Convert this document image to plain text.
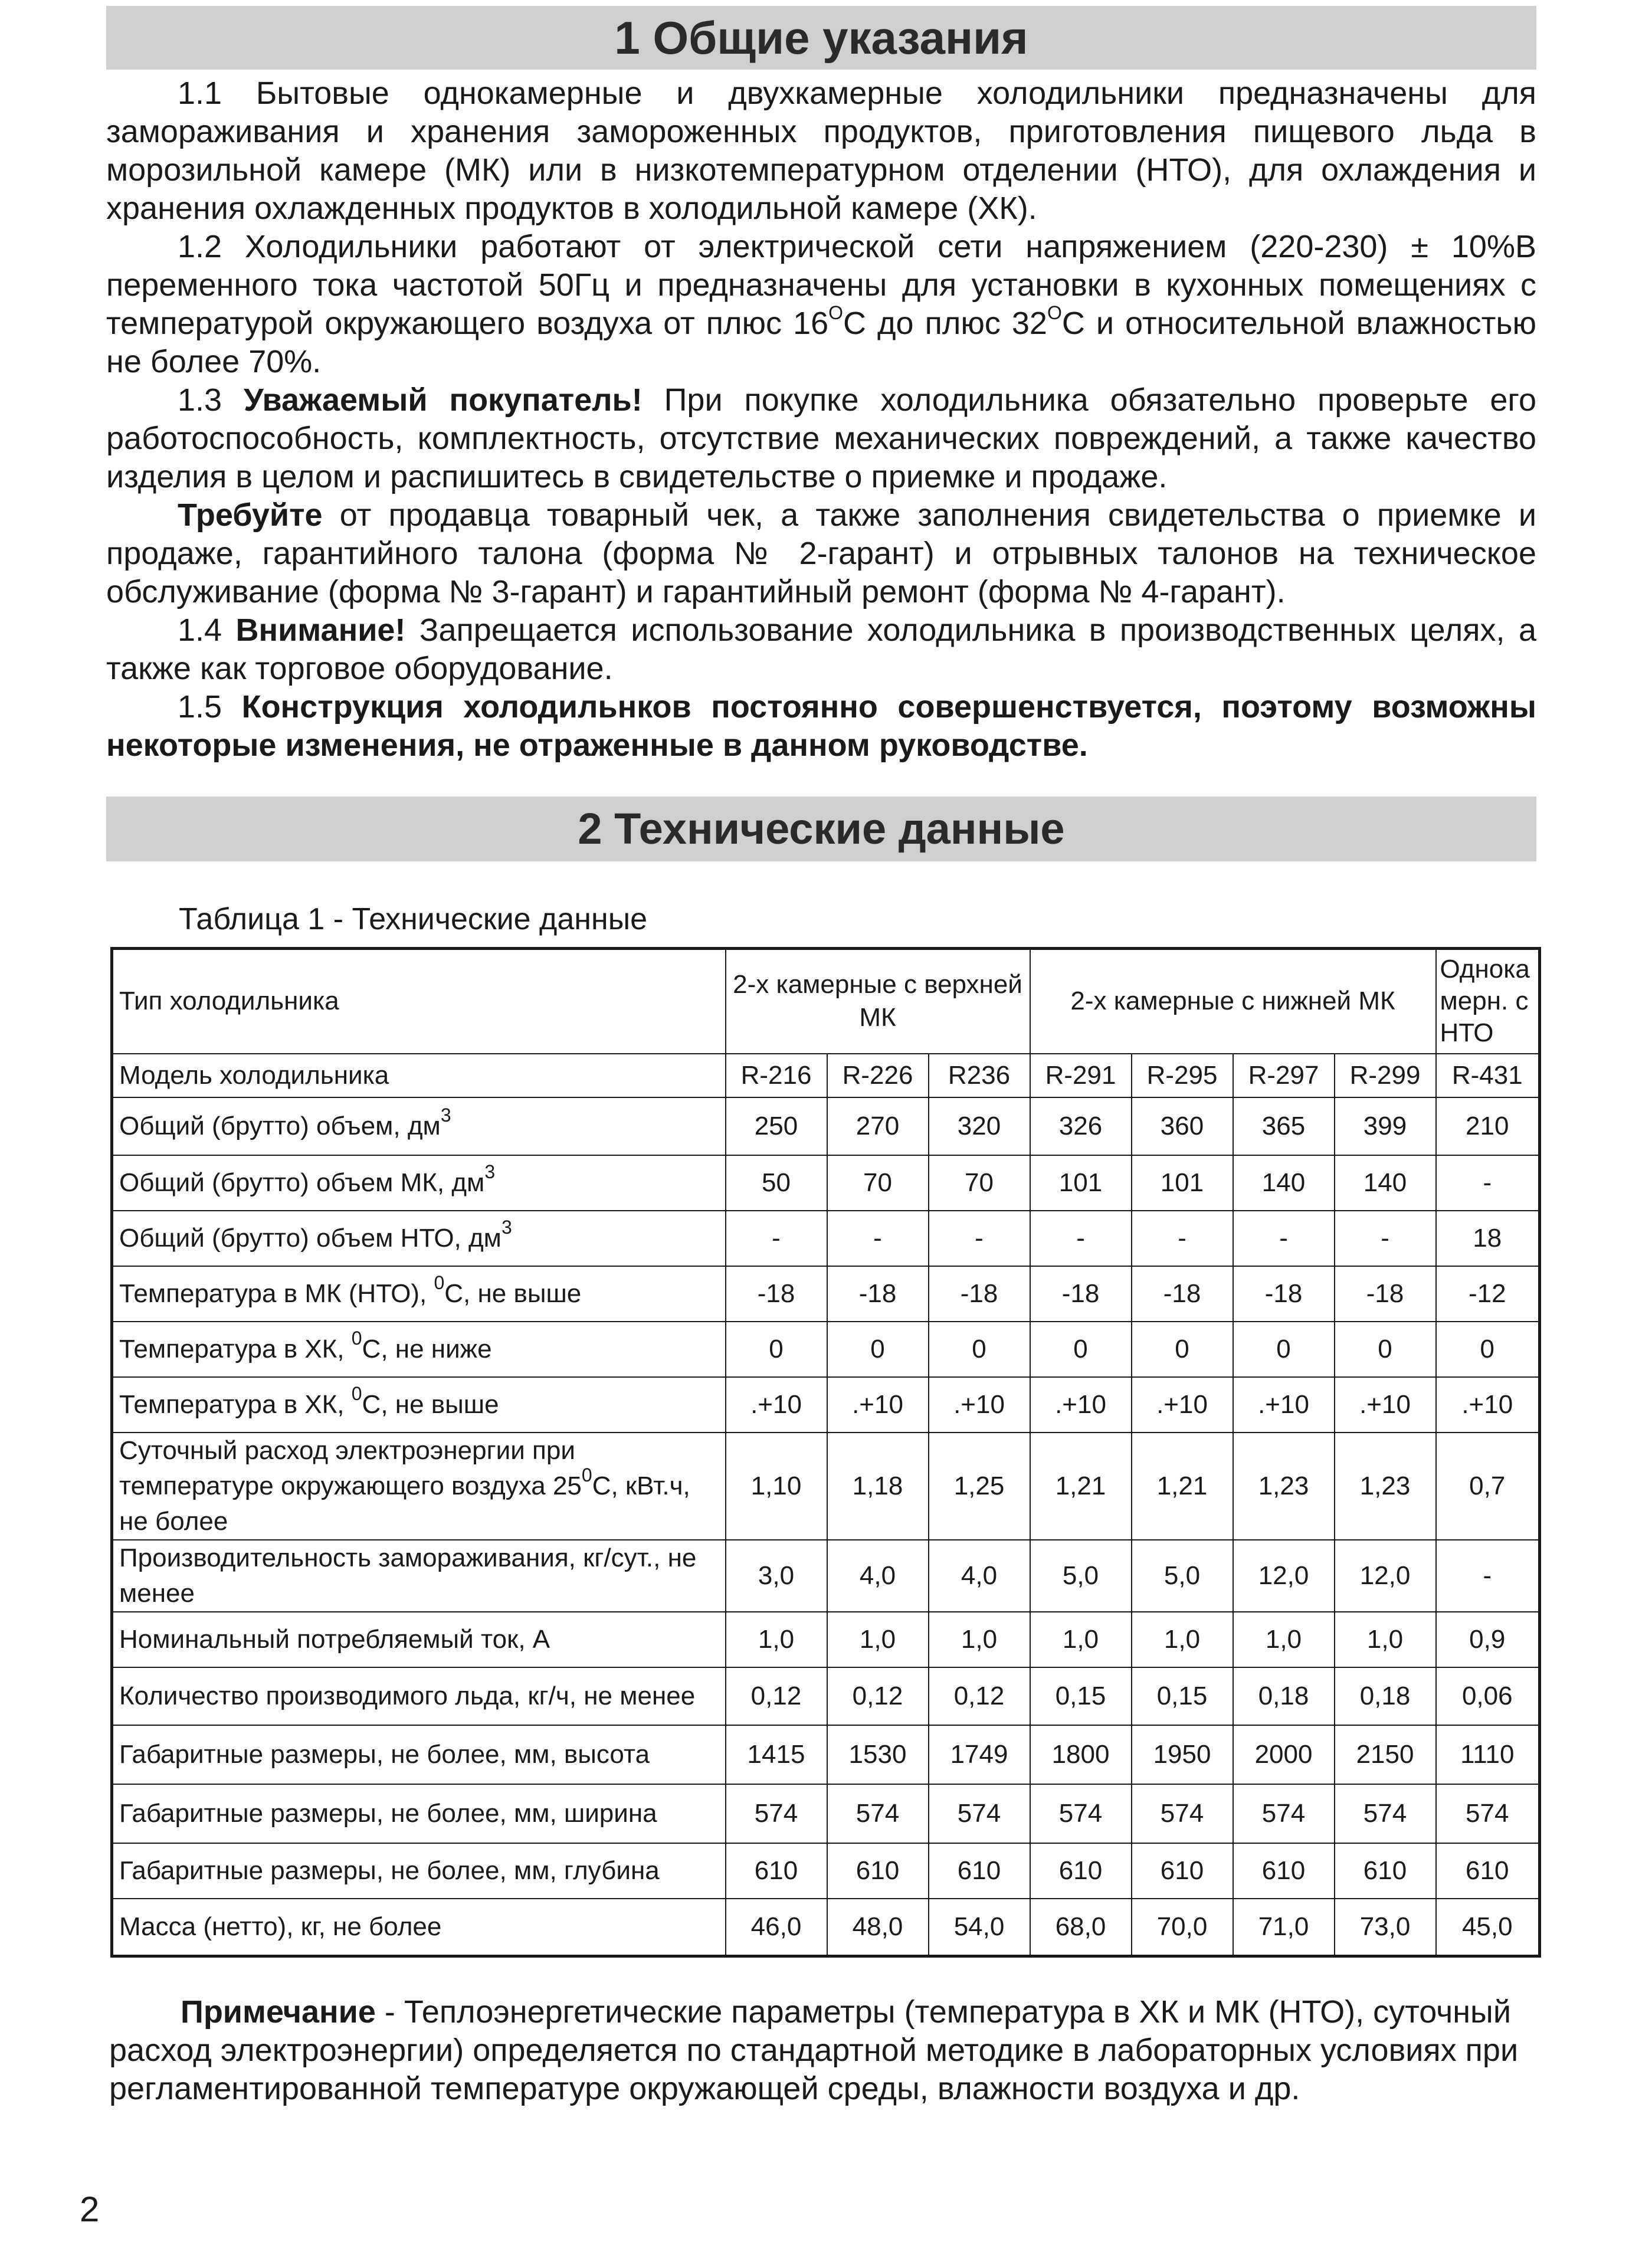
1 Общие указания

1.1 Бытовые однокамерные и двухкамерные холодильники предназначены для замораживания и хранения замороженных продуктов, приготовления пищевого льда в морозильной камере (МК) или в низкотемпературном отделении (НТО), для охлаждения и хранения охлажденных продуктов в холодильной камере (ХК).

1.2 Холодильники работают от электрической сети напряжением (220-230) ± 10%В переменного тока частотой 50Гц и предназначены для установки в кухонных помещениях с температурой окружающего воздуха от плюс $16^ОС$ до плюс $32^ОС$ и относительной влажностью не более 70%.

1.3 Уважаемый покупатель! При покупке холодильника обязательно проверьте его работоспособность, комплектность, отсутствие механических повреждений, а также качество изделия в целом и распишитесь в свидетельстве о приемке и продаже.

Требуйте от продавца товарный чек, а также заполнения свидетельства о приемке и продаже, гарантийного талона (форма № 2-гарант) и отрывных талонов на техническое обслуживание (форма № 3-гарант) и гарантийный ремонт (форма № 4-гарант).

1.4 Внимание! Запрещается использование холодильника в производственных целях, а также как торговое оборудование.

1.5 Конструкция холодильнков постоянно совершенствуется, поэтому возможны некоторые изменения, не отраженные в данном руководстве.

2 Технические данные
Таблица 1 - Технические данные
Тип холодильника	2-х камерные с верхней МК			2-х камерные с нижней МК				Однокамерн. с НТО
Модель холодильника	R-216	R-226	R236	R-291	R-295	R-297	R-299	R-431
Общий (брутто) объем, $дм^3$	250	270	320	326	360	365	399	210
Общий (брутто) объем МК, $дм^3$	50	70	70	101	101	140	140	-
Общий (брутто) объем НТО, $дм^3$	-	-	-	-	-	-	-	18
Температура в МК (НТО), $^0$С, не выше	-18	-18	-18	-18	-18	-18	-18	-12
Температура в ХК, $^0$С, не ниже	0	0	0	0	0	0	0	0
Температура в ХК, $^0$С, не выше	.+10	.+10	.+10	.+10	.+10	.+10	.+10	.+10
Суточный расход электроэнергии при температуре окружающего воздуха $25^0С$, кВт.ч, не более	1,10	1,18	1,25	1,21	1,21	1,23	1,23	0,7
Производительность замораживания, кг/сут., не менее	3,0	4,0	4,0	5,0	5,0	12,0	12,0	-
Номинальный потребляемый ток, А	1,0	1,0	1,0	1,0	1,0	1,0	1,0	0,9
Количество производимого льда, кг/ч, не менее	0,12	0,12	0,12	0,15	0,15	0,18	0,18	0,06
Габаритные размеры, не более, мм, высота	1415	1530	1749	1800	1950	2000	2150	1110
Габаритные размеры, не более, мм, ширина	574	574	574	574	574	574	574	574
Габаритные размеры, не более, мм, глубина	610	610	610	610	610	610	610	610
Масса (нетто), кг, не более	46,0	48,0	54,0	68,0	70,0	71,0	73,0	45,0
Примечание - Теплоэнергетические параметры (температура в ХК и МК (НТО), суточный расход электроэнергии) определяется по стандартной методике в лабораторных условиях при регламентированной температуре окружающей среды, влажности воздуха и др.
2
